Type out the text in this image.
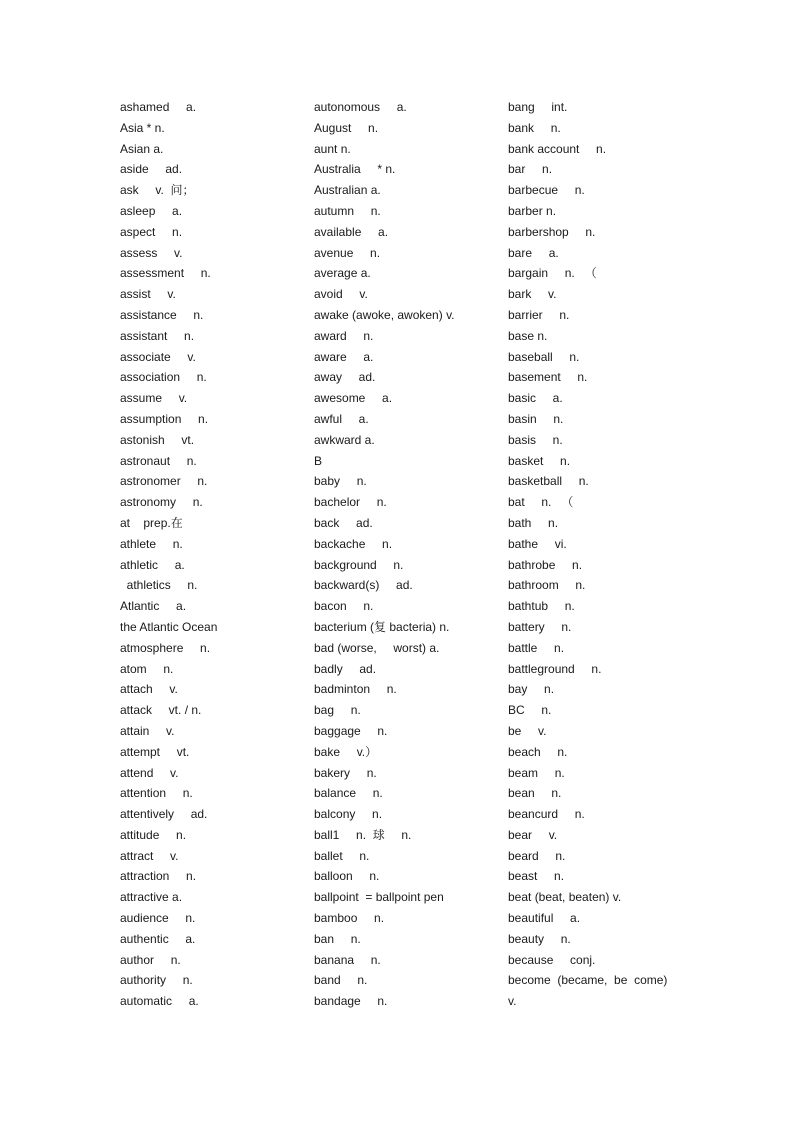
ashamed     a.
Asia * n.
Asian a.
aside     ad.
ask     v.  问；
asleep     a.
aspect     n.
assess     v.
assessment     n.
assist     v.
assistance     n.
assistant     n.
associate     v.
association     n.
assume     v.
assumption     n.
astonish     vt.
astronaut     n.
astronomer     n.
astronomy     n.
at    prep.在
athlete     n.
athletic     a.
athletics     n.
Atlantic     a.
the Atlantic Ocean
atmosphere     n.
atom     n.
attach     v.
attack     vt. / n.
attain     v.
attempt     vt.
attend     v.
attention     n.
attentively     ad.
attitude     n.
attract     v.
attraction     n.
attractive a.
audience     n.
authentic     a.
author     n.
authority     n.
automatic     a.
autonomous     a.
August     n.
aunt n.
Australia     * n.
Australian a.
autumn     n.
available     a.
avenue     n.
average a.
avoid     v.
awake (awoke, awoken) v.
award     n.
aware     a.
away     ad.
awesome     a.
awful     a.
awkward a.
B
baby     n.
bachelor     n.
back     ad.
backache     n.
background     n.
backward(s)     ad.
bacon     n.
bacterium (复 bacteria) n.
bad (worse,     worst) a.
badly     ad.
badminton     n.
bag     n.
baggage     n.
bake     v.）
bakery     n.
balance     n.
balcony     n.
ball1     n.  球     n.
ballet     n.
balloon     n.
ballpoint  = ballpoint pen
bamboo     n.
ban     n.
banana     n.
band     n.
bandage     n.
bang     int.
bank     n.
bank account     n.
bar     n.
barbecue     n.
barber n.
barbershop     n.
bare     a.
bargain     n.   （
bark     v.
barrier     n.
base n.
baseball     n.
basement     n.
basic     a.
basin     n.
basis     n.
basket     n.
basketball     n.
bat     n.   （
bath     n.
bathe     vi.
bathrobe     n.
bathroom     n.
bathtub     n.
battery     n.
battle     n.
battleground     n.
bay     n.
BC     n.
be     v.
beach     n.
beam     n.
bean     n.
beancurd     n.
bear     v.
beard     n.
beast     n.
beat (beat, beaten) v.
beautiful     a.
beauty     n.
because     conj.
become  (became,  be  come)
v.
